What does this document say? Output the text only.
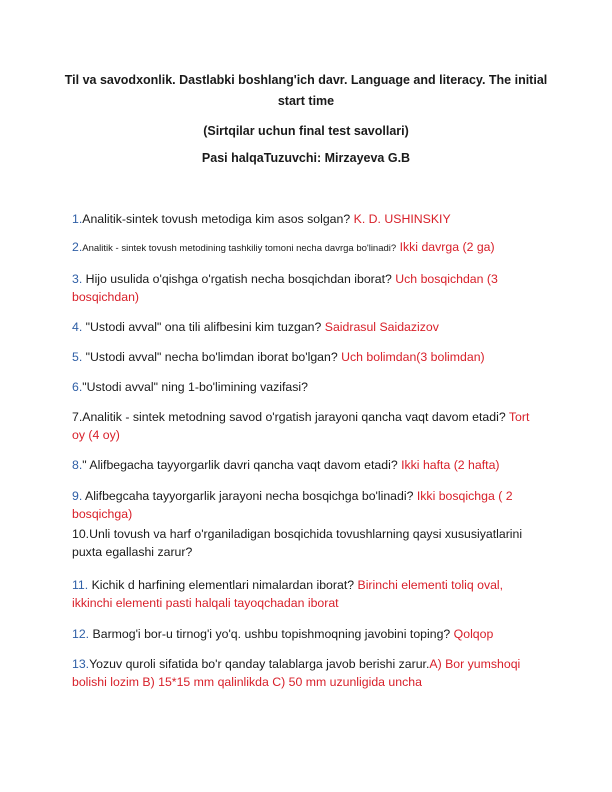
Til va savodxonlik. Dastlabki boshlang'ich davr. Language and literacy. The initial
start time
(Sirtqilar uchun final test savollari)
Pasi halqaTuzuvchi: Mirzayeva G.B
1.Analitik-sintek tovush metodiga kim asos solgan? K. D. USHINSKIY
2.Analitik - sintek tovush metodining tashkiliy tomoni necha davrga bo'linadi? Ikki davrga (2 ga)
3. Hijo usulida o'qishga o'rgatish necha bosqichdan iborat? Uch bosqichdan (3 bosqichdan)
4. "Ustodi avval" ona tili alifbesini kim tuzgan? Saidrasul Saidazizov
5. "Ustodi avval" necha bo'limdan iborat bo'lgan? Uch bolimdan(3 bolimdan)
6."Ustodi avval" ning 1-bo'limining vazifasi?
7.Analitik - sintek metodning savod o'rgatish jarayoni qancha vaqt davom etadi? Tort oy (4 oy)
8." Alifbegacha tayyorgarlik davri qancha vaqt davom etadi? Ikki hafta (2 hafta)
9. Alifbegcaha tayyorgarlik jarayoni necha bosqichga bo'linadi? Ikki bosqichga ( 2 bosqichga)
10.Unli tovush va harf o'rganiladigan bosqichida tovushlarning qaysi xususiyatlarini puxta egallashi zarur?
11. Kichik d harfining elementlari nimalardan iborat? Birinchi elementi toliq oval, ikkinchi elementi pasti halqali tayoqchadan iborat
12. Barmog'i bor-u tirnog'i yo'q. ushbu topishmoqning javobini toping? Qolqop
13.Yozuv quroli sifatida bo'r qanday talablarga javob berishi zarur.A) Bor yumshoqi bolishi lozim B) 15*15 mm qalinlikda C) 50 mm uzunligida uncha
